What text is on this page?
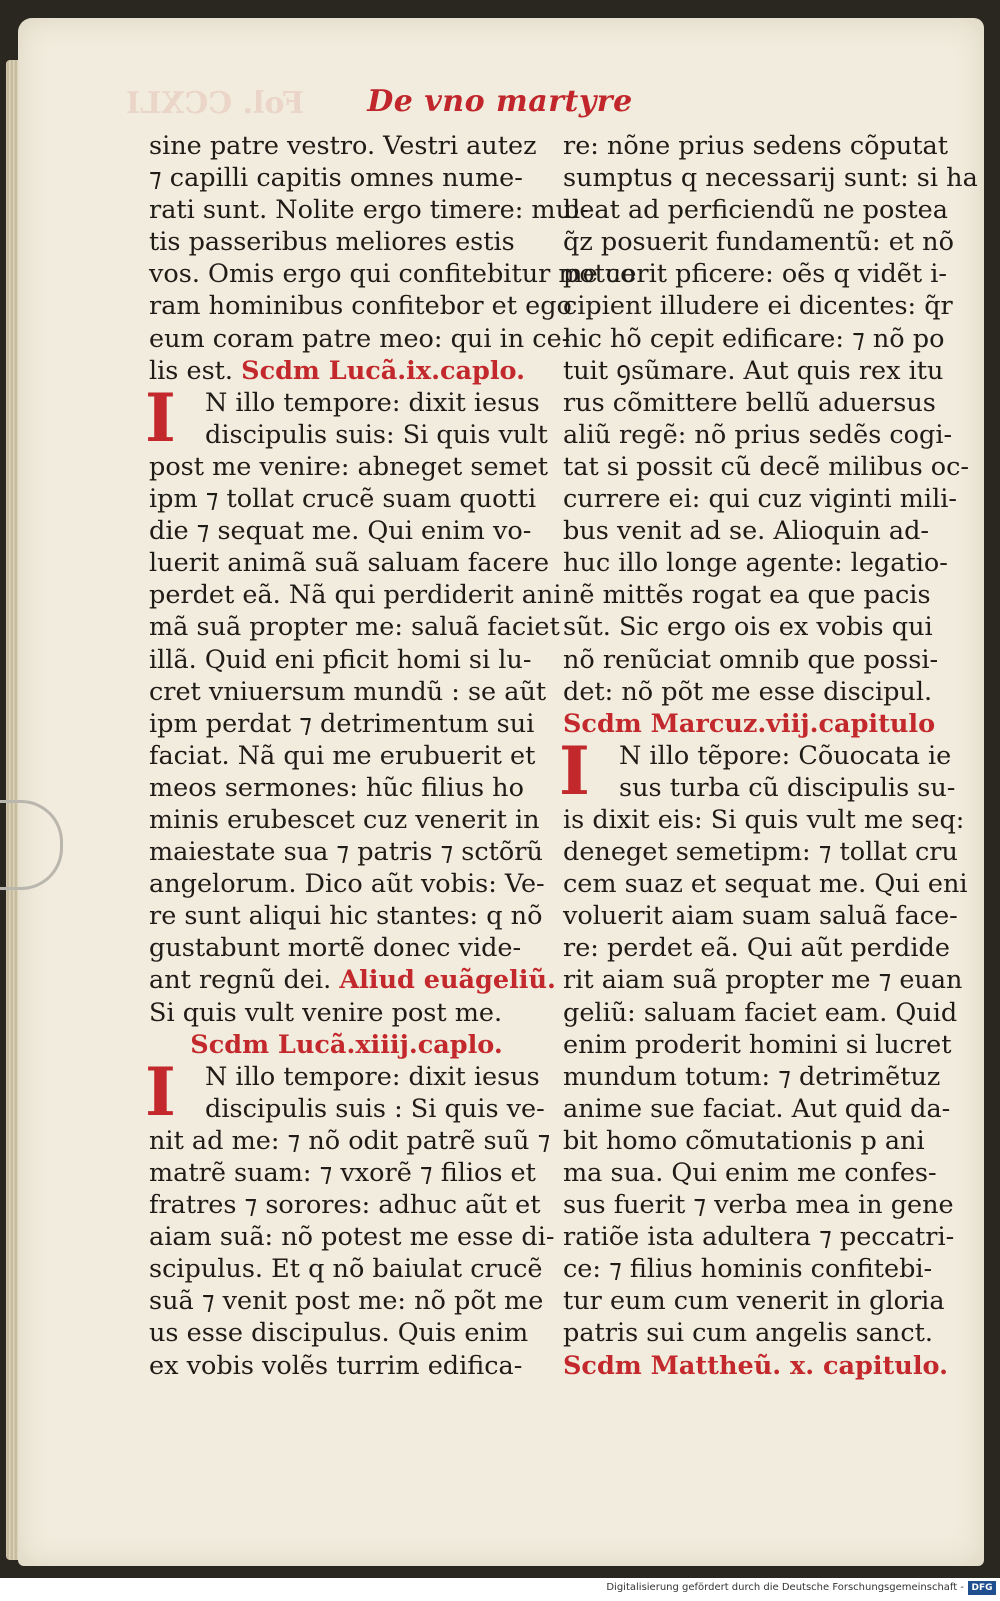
Fol. CCXLI	De vno martyre
sine patre vestro. Vestri autez
⁊ capilli capitis omnes nume-
rati sunt. Nolite ergo timere: mul-
tis passeribus meliores estis
vos. Omis ergo qui confitebitur me co
ram hominibus confitebor et ego
eum coram patre meo: qui in ce-
lis est. Scdm Lucã.ix.caplo.
I N illo tempore: dixit iesus
discipulis suis: Si quis vult
post me venire: abneget semet
ipm ⁊ tollat crucẽ suam quotti
die ⁊ sequat me. Qui enim vo-
luerit animã suã saluam facere
perdet eã. Nã qui perdiderit ani
mã suã propter me: saluã faciet
illã. Quid eni pficit homi si lu-
cret vniuersum mundũ : se aũt
ipm perdat ⁊ detrimentum sui
faciat. Nã qui me erubuerit et
meos sermones: hũc filius ho
minis erubescet cuz venerit in
maiestate sua ⁊ patris ⁊ sctõrũ
angelorum. Dico aũt vobis: Ve-
re sunt aliqui hic stantes: q nõ
gustabunt mortẽ donec vide-
ant regnũ dei. Aliud euãgeliũ.
Si quis vult venire post me.
Scdm Lucã.xiiij.caplo.
I N illo tempore: dixit iesus
discipulis suis : Si quis ve-
nit ad me: ⁊ nõ odit patrẽ suũ ⁊
matrẽ suam: ⁊ vxorẽ ⁊ filios et
fratres ⁊ sorores: adhuc aũt et
aiam suã: nõ potest me esse di-
scipulus. Et q nõ baiulat crucẽ
suã ⁊ venit post me: nõ põt me
us esse discipulus. Quis enim
ex vobis volẽs turrim edifica-
re: nõne prius sedens cõputat
sumptus q necessarij sunt: si ha
beat ad perficiendũ ne postea
q̃z posuerit fundamentũ: et nõ
potuerit pficere: oẽs q vidẽt i-
cipient illudere ei dicentes: q̃r
hic hõ cepit edificare: ⁊ nõ po
tuit ꝯsũmare. Aut quis rex itu
rus cõmittere bellũ aduersus
aliũ regẽ: nõ prius sedẽs cogi-
tat si possit cũ decẽ milibus oc-
currere ei: qui cuz viginti mili-
bus venit ad se. Alioquin ad-
huc illo longe agente: legatio-
nẽ mittẽs rogat ea que pacis
sũt. Sic ergo ois ex vobis qui
nõ renũciat omnib que possi-
det: nõ põt me esse discipul.
Scdm Marcuz.viij.capitulo
I N illo tẽpore: Cõuocata ie
sus turba cũ discipulis su-
is dixit eis: Si quis vult me seq:
deneget semetipm: ⁊ tollat cru
cem suaz et sequat me. Qui eni
voluerit aiam suam saluã face-
re: perdet eã. Qui aũt perdide
rit aiam suã propter me ⁊ euan
geliũ: saluam faciet eam. Quid
enim proderit homini si lucret
mundum totum: ⁊ detrimẽtuz
anime sue faciat. Aut quid da-
bit homo cõmutationis p ani
ma sua. Qui enim me confes-
sus fuerit ⁊ verba mea in gene
ratiõe ista adultera ⁊ peccatri-
ce: ⁊ filius hominis confitebi-
tur eum cum venerit in gloria
patris sui cum angelis sanct.
Scdm Mattheũ. x. capitulo.
Digitalisierung gefördert durch die Deutsche Forschungsgemeinschaft - DFG
